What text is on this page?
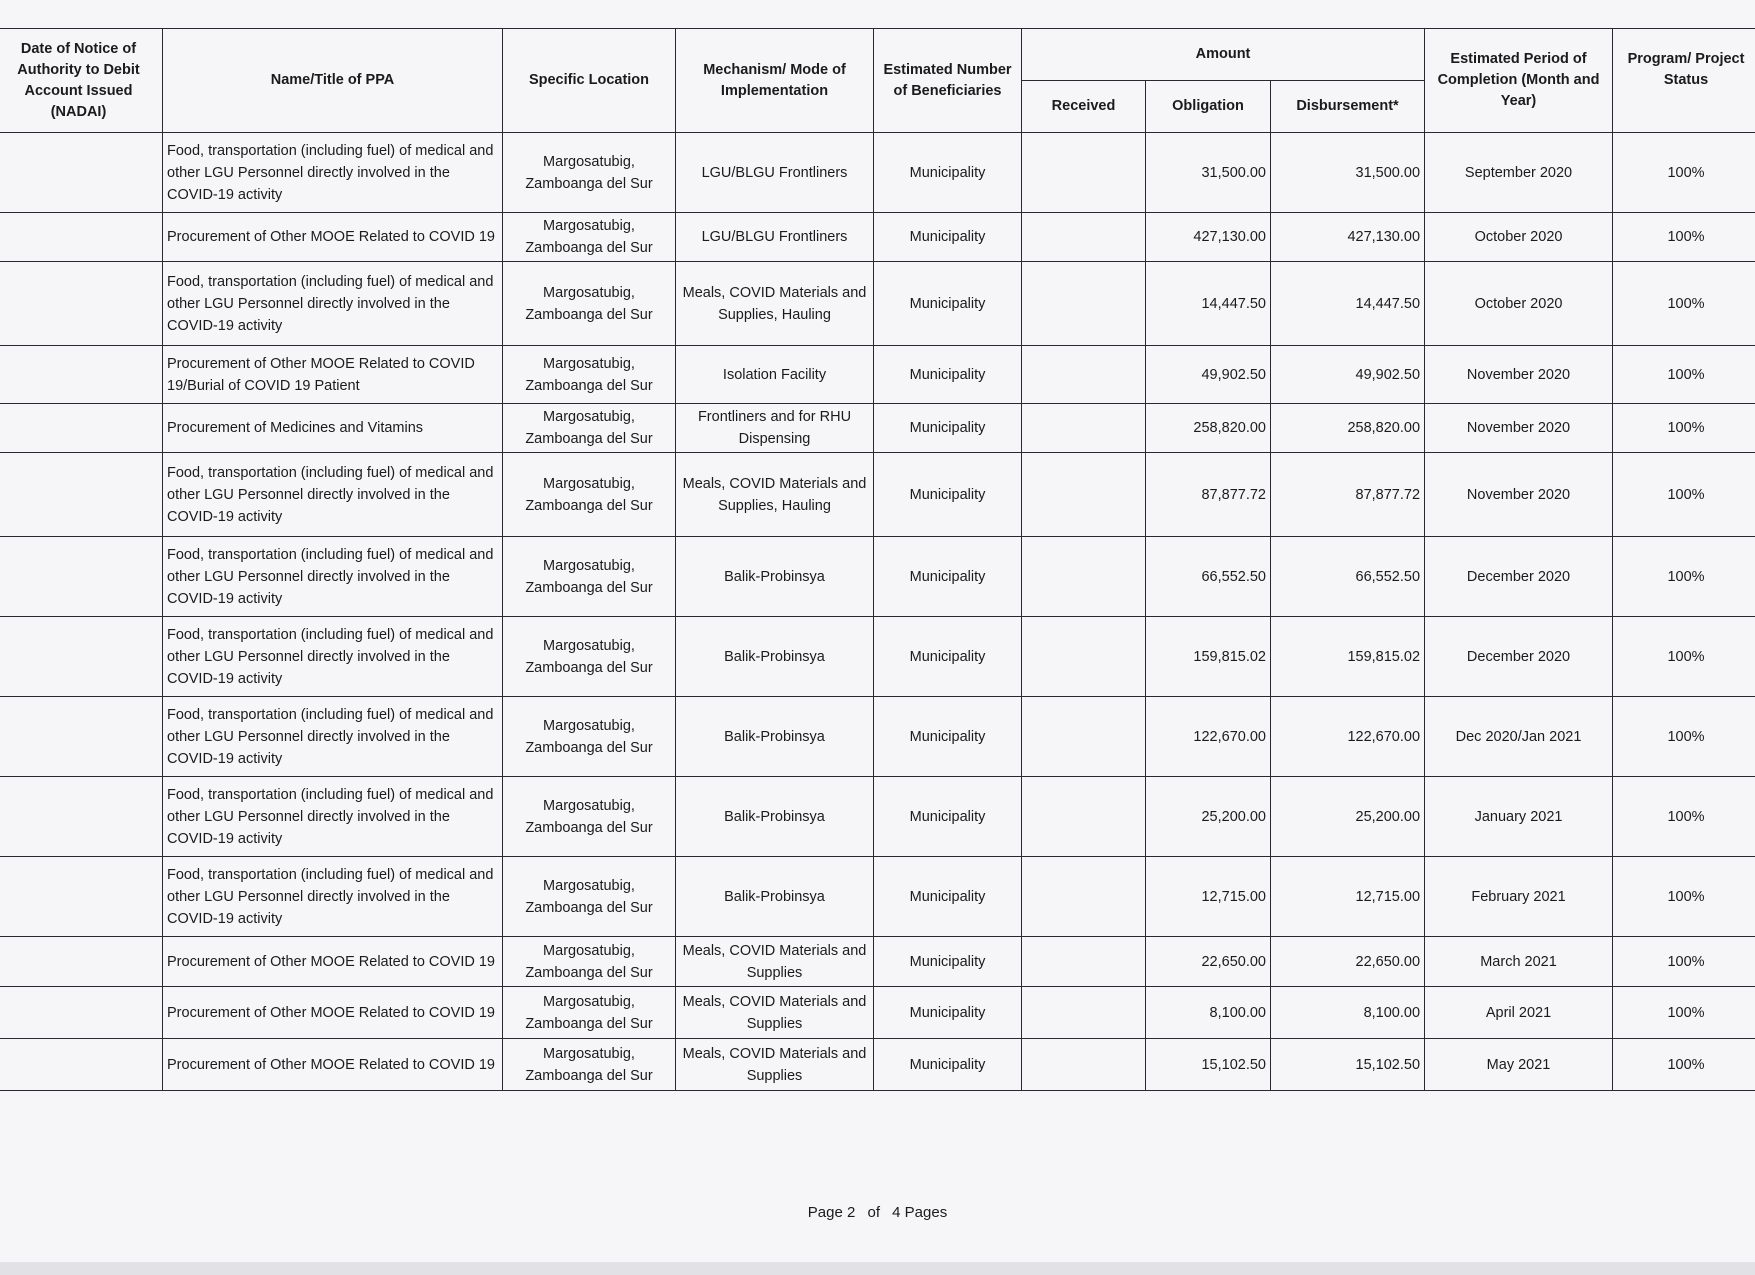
Date of Notice of Authority to Debit Account Issued (NADAI)	Name/Title of PPA	Specific Location	Mechanism/ Mode of Implementation	Estimated Number of Beneficiaries	Amount			Estimated Period of Completion (Month and Year)	Program/ Project Status
					Received	Obligation	Disbursement*		
	Food, transportation (including fuel) of medical and other LGU Personnel directly involved in the COVID-19 activity	Margosatubig, Zamboanga del Sur	LGU/BLGU Frontliners	Municipality		31,500.00	31,500.00	September 2020	100%
	Procurement of Other MOOE Related to COVID 19	Margosatubig, Zamboanga del Sur	LGU/BLGU Frontliners	Municipality		427,130.00	427,130.00	October 2020	100%
	Food, transportation (including fuel) of medical and other LGU Personnel directly involved in the COVID-19 activity	Margosatubig, Zamboanga del Sur	Meals, COVID Materials and Supplies, Hauling	Municipality		14,447.50	14,447.50	October 2020	100%
	Procurement of Other MOOE Related to COVID 19/Burial of COVID 19 Patient	Margosatubig, Zamboanga del Sur	Isolation Facility	Municipality		49,902.50	49,902.50	November 2020	100%
	Procurement of Medicines and Vitamins	Margosatubig, Zamboanga del Sur	Frontliners and for RHU Dispensing	Municipality		258,820.00	258,820.00	November 2020	100%
	Food, transportation (including fuel) of medical and other LGU Personnel directly involved in the COVID-19 activity	Margosatubig, Zamboanga del Sur	Meals, COVID Materials and Supplies, Hauling	Municipality		87,877.72	87,877.72	November 2020	100%
	Food, transportation (including fuel) of medical and other LGU Personnel directly involved in the COVID-19 activity	Margosatubig, Zamboanga del Sur	Balik-Probinsya	Municipality		66,552.50	66,552.50	December 2020	100%
	Food, transportation (including fuel) of medical and other LGU Personnel directly involved in the COVID-19 activity	Margosatubig, Zamboanga del Sur	Balik-Probinsya	Municipality		159,815.02	159,815.02	December 2020	100%
	Food, transportation (including fuel) of medical and other LGU Personnel directly involved in the COVID-19 activity	Margosatubig, Zamboanga del Sur	Balik-Probinsya	Municipality		122,670.00	122,670.00	Dec 2020/Jan 2021	100%
	Food, transportation (including fuel) of medical and other LGU Personnel directly involved in the COVID-19 activity	Margosatubig, Zamboanga del Sur	Balik-Probinsya	Municipality		25,200.00	25,200.00	January 2021	100%
	Food, transportation (including fuel) of medical and other LGU Personnel directly involved in the COVID-19 activity	Margosatubig, Zamboanga del Sur	Balik-Probinsya	Municipality		12,715.00	12,715.00	February 2021	100%
	Procurement of Other MOOE Related to COVID 19	Margosatubig, Zamboanga del Sur	Meals, COVID Materials and Supplies	Municipality		22,650.00	22,650.00	March 2021	100%
	Procurement of Other MOOE Related to COVID 19	Margosatubig, Zamboanga del Sur	Meals, COVID Materials and Supplies	Municipality		8,100.00	8,100.00	April 2021	100%
	Procurement of Other MOOE Related to COVID 19	Margosatubig, Zamboanga del Sur	Meals, COVID Materials and Supplies	Municipality		15,102.50	15,102.50	May 2021	100%
Page 2 of 4 Pages
